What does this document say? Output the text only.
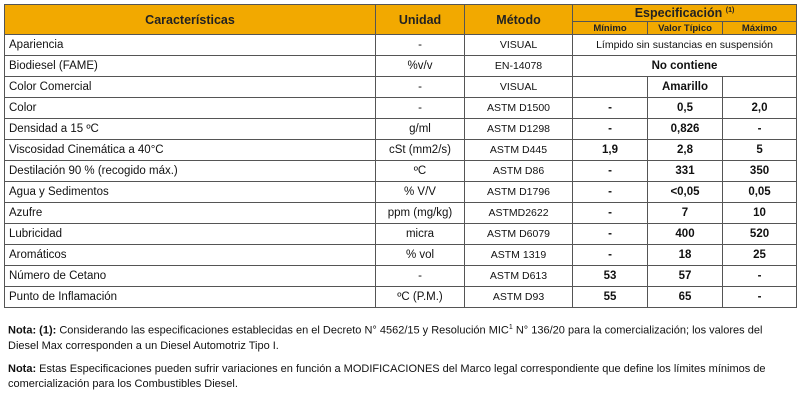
Características	Unidad	Método	Especificación $^{(1)}$
			Mínimo	Valor Típico	Máximo
Apariencia	-	VISUAL	Límpido sin sustancias en suspensión		
Biodiesel (FAME)	%v/v	EN-14078	No contiene		
Color Comercial	-	VISUAL		Amarillo	
Color	-	ASTM D1500	-	0,5	2,0
Densidad a 15 ºC	g/ml	ASTM D1298	-	0,826	-
Viscosidad Cinemática a 40°C	cSt (mm2/s)	ASTM D445	1,9	2,8	5
Destilación 90 % (recogido máx.)	ºC	ASTM D86	-	331	350
Agua y Sedimentos	% V/V	ASTM D1796	-	<0,05	0,05
Azufre	ppm (mg/kg)	ASTMD2622	-	7	10
Lubricidad	micra	ASTM D6079	-	400	520
Aromáticos	% vol	ASTM 1319	-	18	25
Número de Cetano	-	ASTM D613	53	57	-
Punto de Inflamación	ºC (P.M.)	ASTM D93	55	65	-
Nota: (1): Considerando las especificaciones establecidas en el Decreto N° 4562/15 y Resolución MIC$^1$ N° 136/20 para la comercialización; los valores del Diesel Max corresponden a un Diesel Automotriz Tipo I.
Nota: Estas Especificaciones pueden sufrir variaciones en función a MODIFICACIONES del Marco legal correspondiente que define los límites mínimos de comercialización para los Combustibles Diesel.
